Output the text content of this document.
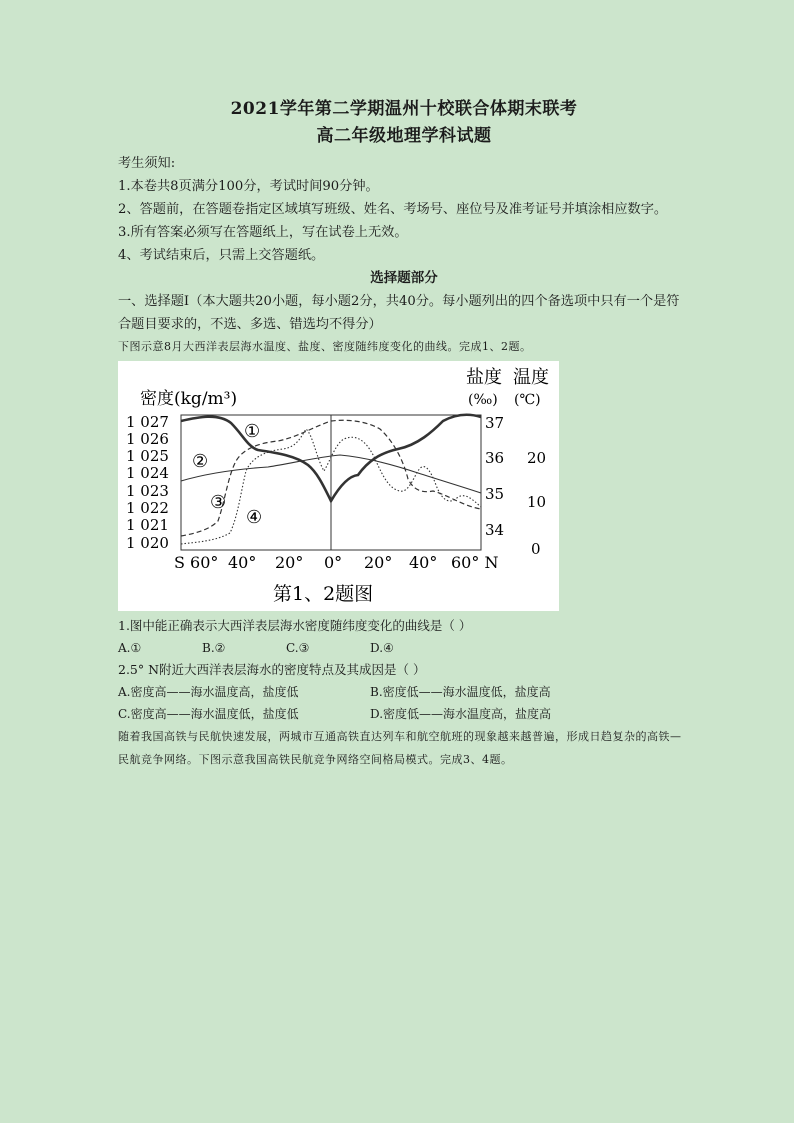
2021学年第二学期温州十校联合体期末联考
高二年级地理学科试题

考生须知:

1.本卷共8页满分100分，考试时间90分钟。

2、答题前，在答题卷指定区域填写班级、姓名、考场号、座位号及准考证号并填涂相应数字。

3.所有答案必须写在答题纸上，写在试卷上无效。

4、考试结束后，只需上交答题纸。

选择题部分

一、选择题Ⅰ（本大题共20小题，每小题2分，共40分。每小题列出的四个备选项中只有一个是符合题目要求的，不选、多选、错选均不得分）

下图示意8月大西洋表层海水温度、盐度、密度随纬度变化的曲线。完成1、2题。

密度(kg/m³)
盐度 温度
(‰) (℃)
1 027
1 026
1 025
1 024
1 023
1 022
1 021
1 020
37
36
35
34
20
10
0
S 60° 40° 20° 0° 20° 40° 60° N
①
②
③
④
第1、2题图

1.图中能正确表示大西洋表层海水密度随纬度变化的曲线是（ ）

A.①	B.②	C.③	D.④

2.5° N附近大西洋表层海水的密度特点及其成因是（ ）

A.密度高——海水温度高，盐度低	B.密度低——海水温度低，盐度高
C.密度高——海水温度低，盐度低	D.密度低——海水温度高，盐度高

随着我国高铁与民航快速发展，两城市互通高铁直达列车和航空航班的现象越来越普遍，形成日趋复杂的高铁—民航竞争网络。下图示意我国高铁民航竞争网络空间格局模式。完成3、4题。
